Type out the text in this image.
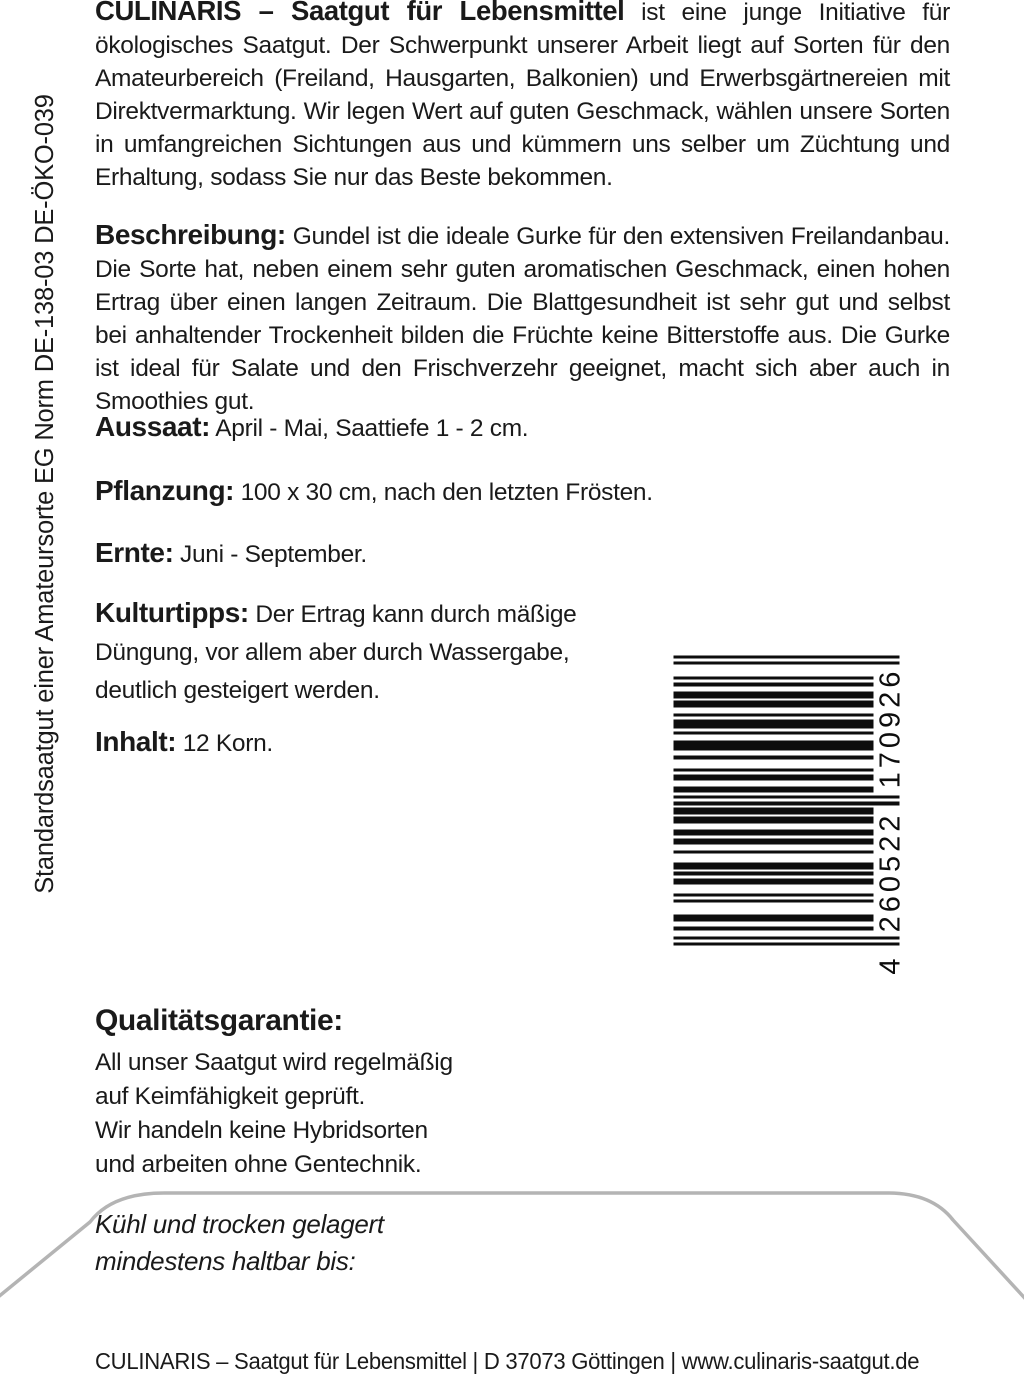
Standardsaatgut einer Amateursorte EG Norm DE-138-03 DE-ÖKO-039
CULINARIS – Saatgut für Lebensmittel ist eine junge Initiative für ökologisches Saatgut. Der Schwerpunkt unserer Arbeit liegt auf Sorten für den Amateurbereich (Freiland, Hausgarten, Balkonien) und Erwerbsgärtnereien mit Direktvermarktung. Wir legen Wert auf guten Geschmack, wählen unsere Sorten in umfangreichen Sichtungen aus und kümmern uns selber um Züchtung und Erhaltung, sodass Sie nur das Beste bekommen.
Beschreibung: Gundel ist die ideale Gurke für den extensiven Freilandanbau. Die Sorte hat, neben einem sehr guten aromatischen Geschmack, einen hohen Ertrag über einen langen Zeitraum. Die Blattgesundheit ist sehr gut und selbst bei anhaltender Trockenheit bilden die Früchte keine Bitterstoffe aus. Die Gurke ist ideal für Salate und den Frischverzehr geeignet, macht sich aber auch in Smoothies gut.
Aussaat: April - Mai, Saattiefe 1 - 2 cm.
Pflanzung: 100 x 30 cm, nach den letzten Frösten.
Ernte: Juni - September.
Kulturtipps: Der Ertrag kann durch mäßige
Düngung, vor allem aber durch Wassergabe,
deutlich gesteigert werden.
Inhalt: 12 Korn.
4
260522
170926
Qualitätsgarantie:
All unser Saatgut wird regelmäßig
auf Keimfähigkeit geprüft.
Wir handeln keine Hybridsorten
und arbeiten ohne Gentechnik.
Kühl und trocken gelagert
mindestens haltbar bis:
CULINARIS – Saatgut für Lebensmittel | D 37073 Göttingen | www.culinaris-saatgut.de
